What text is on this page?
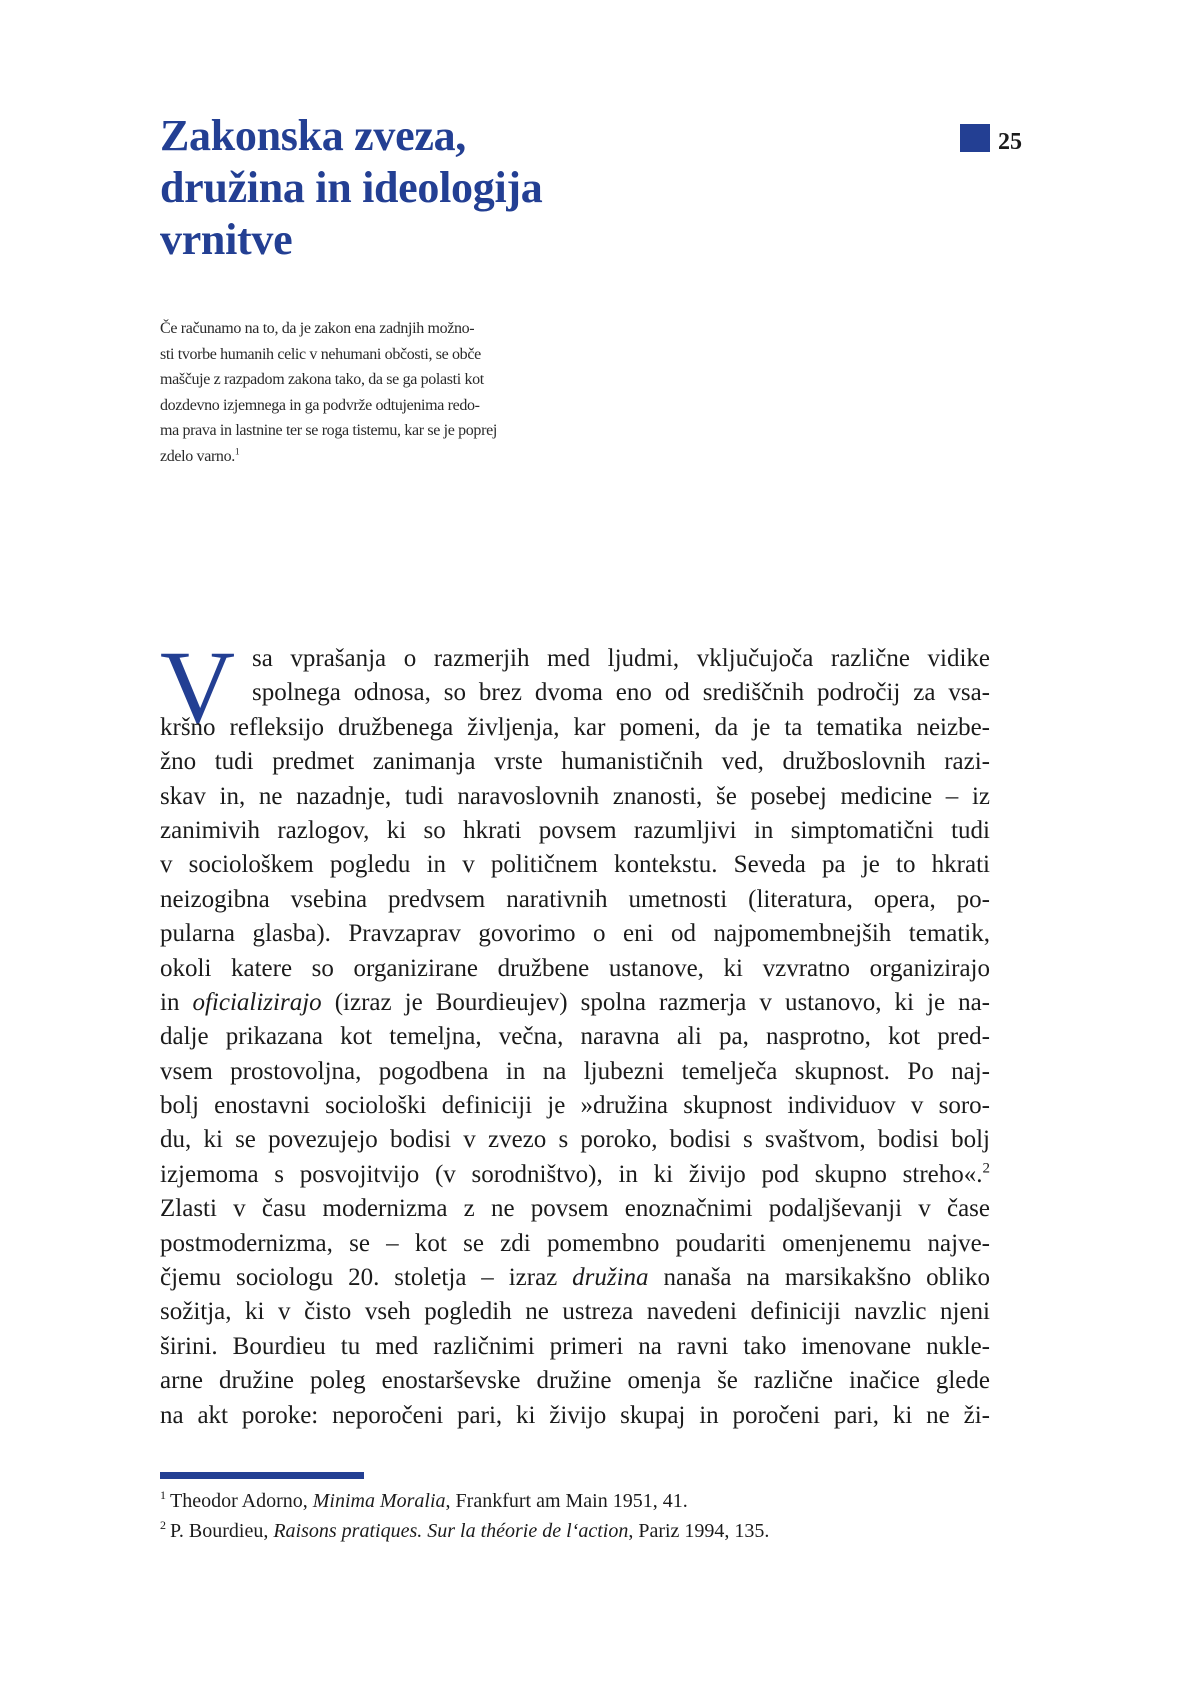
Zakonska zveza,
družina in ideologija
vrnitve
25
Če računamo na to, da je zakon ena zadnjih možno-
sti tvorbe humanih celic v nehumani občosti, se obče
maščuje z razpadom zakona tako, da se ga polasti kot
dozdevno izjemnega in ga podvrže odtujenima redo-
ma prava in lastnine ter se roga tistemu, kar se je poprej
zdelo varno.$^1$
V sa vprašanja o razmerjih med ljudmi, vključujoča različne vidike
spolnega odnosa, so brez dvoma eno od središčnih področij za vsa-
kršno refleksijo družbenega življenja, kar pomeni, da je ta tematika neizbe-
žno tudi predmet zanimanja vrste humanističnih ved, družboslovnih razi-
skav in, ne nazadnje, tudi naravoslovnih znanosti, še posebej medicine – iz
zanimivih razlogov, ki so hkrati povsem razumljivi in simptomatični tudi
v sociološkem pogledu in v političnem kontekstu. Seveda pa je to hkrati
neizogibna vsebina predvsem narativnih umetnosti (literatura, opera, po-
pularna glasba). Pravzaprav govorimo o eni od najpomembnejših tematik,
okoli katere so organizirane družbene ustanove, ki vzvratno organizirajo
in oficializirajo (izraz je Bourdieujev) spolna razmerja v ustanovo, ki je na-
dalje prikazana kot temeljna, večna, naravna ali pa, nasprotno, kot pred-
vsem prostovoljna, pogodbena in na ljubezni temelječa skupnost. Po naj-
bolj enostavni sociološki definiciji je »družina skupnost individuov v soro-
du, ki se povezujejo bodisi v zvezo s poroko, bodisi s svaštvom, bodisi bolj
izjemoma s posvojitvijo (v sorodništvo), in ki živijo pod skupno streho«.$^2$
Zlasti v času modernizma z ne povsem enoznačnimi podaljševanji v čase
postmodernizma, se – kot se zdi pomembno poudariti omenjenemu najve-
čjemu sociologu 20. stoletja – izraz družina nanaša na marsikakšno obliko
sožitja, ki v čisto vseh pogledih ne ustreza navedeni definiciji navzlic njeni
širini. Bourdieu tu med različnimi primeri na ravni tako imenovane nukle-
arne družine poleg enostarševske družine omenja še različne inačice glede
na akt poroke: neporočeni pari, ki živijo skupaj in poročeni pari, ki ne ži-
$^1$ Theodor Adorno, Minima Moralia, Frankfurt am Main 1951, 41.
$^2$ P. Bourdieu, Raisons pratiques. Sur la théorie de l‘action, Pariz 1994, 135.
